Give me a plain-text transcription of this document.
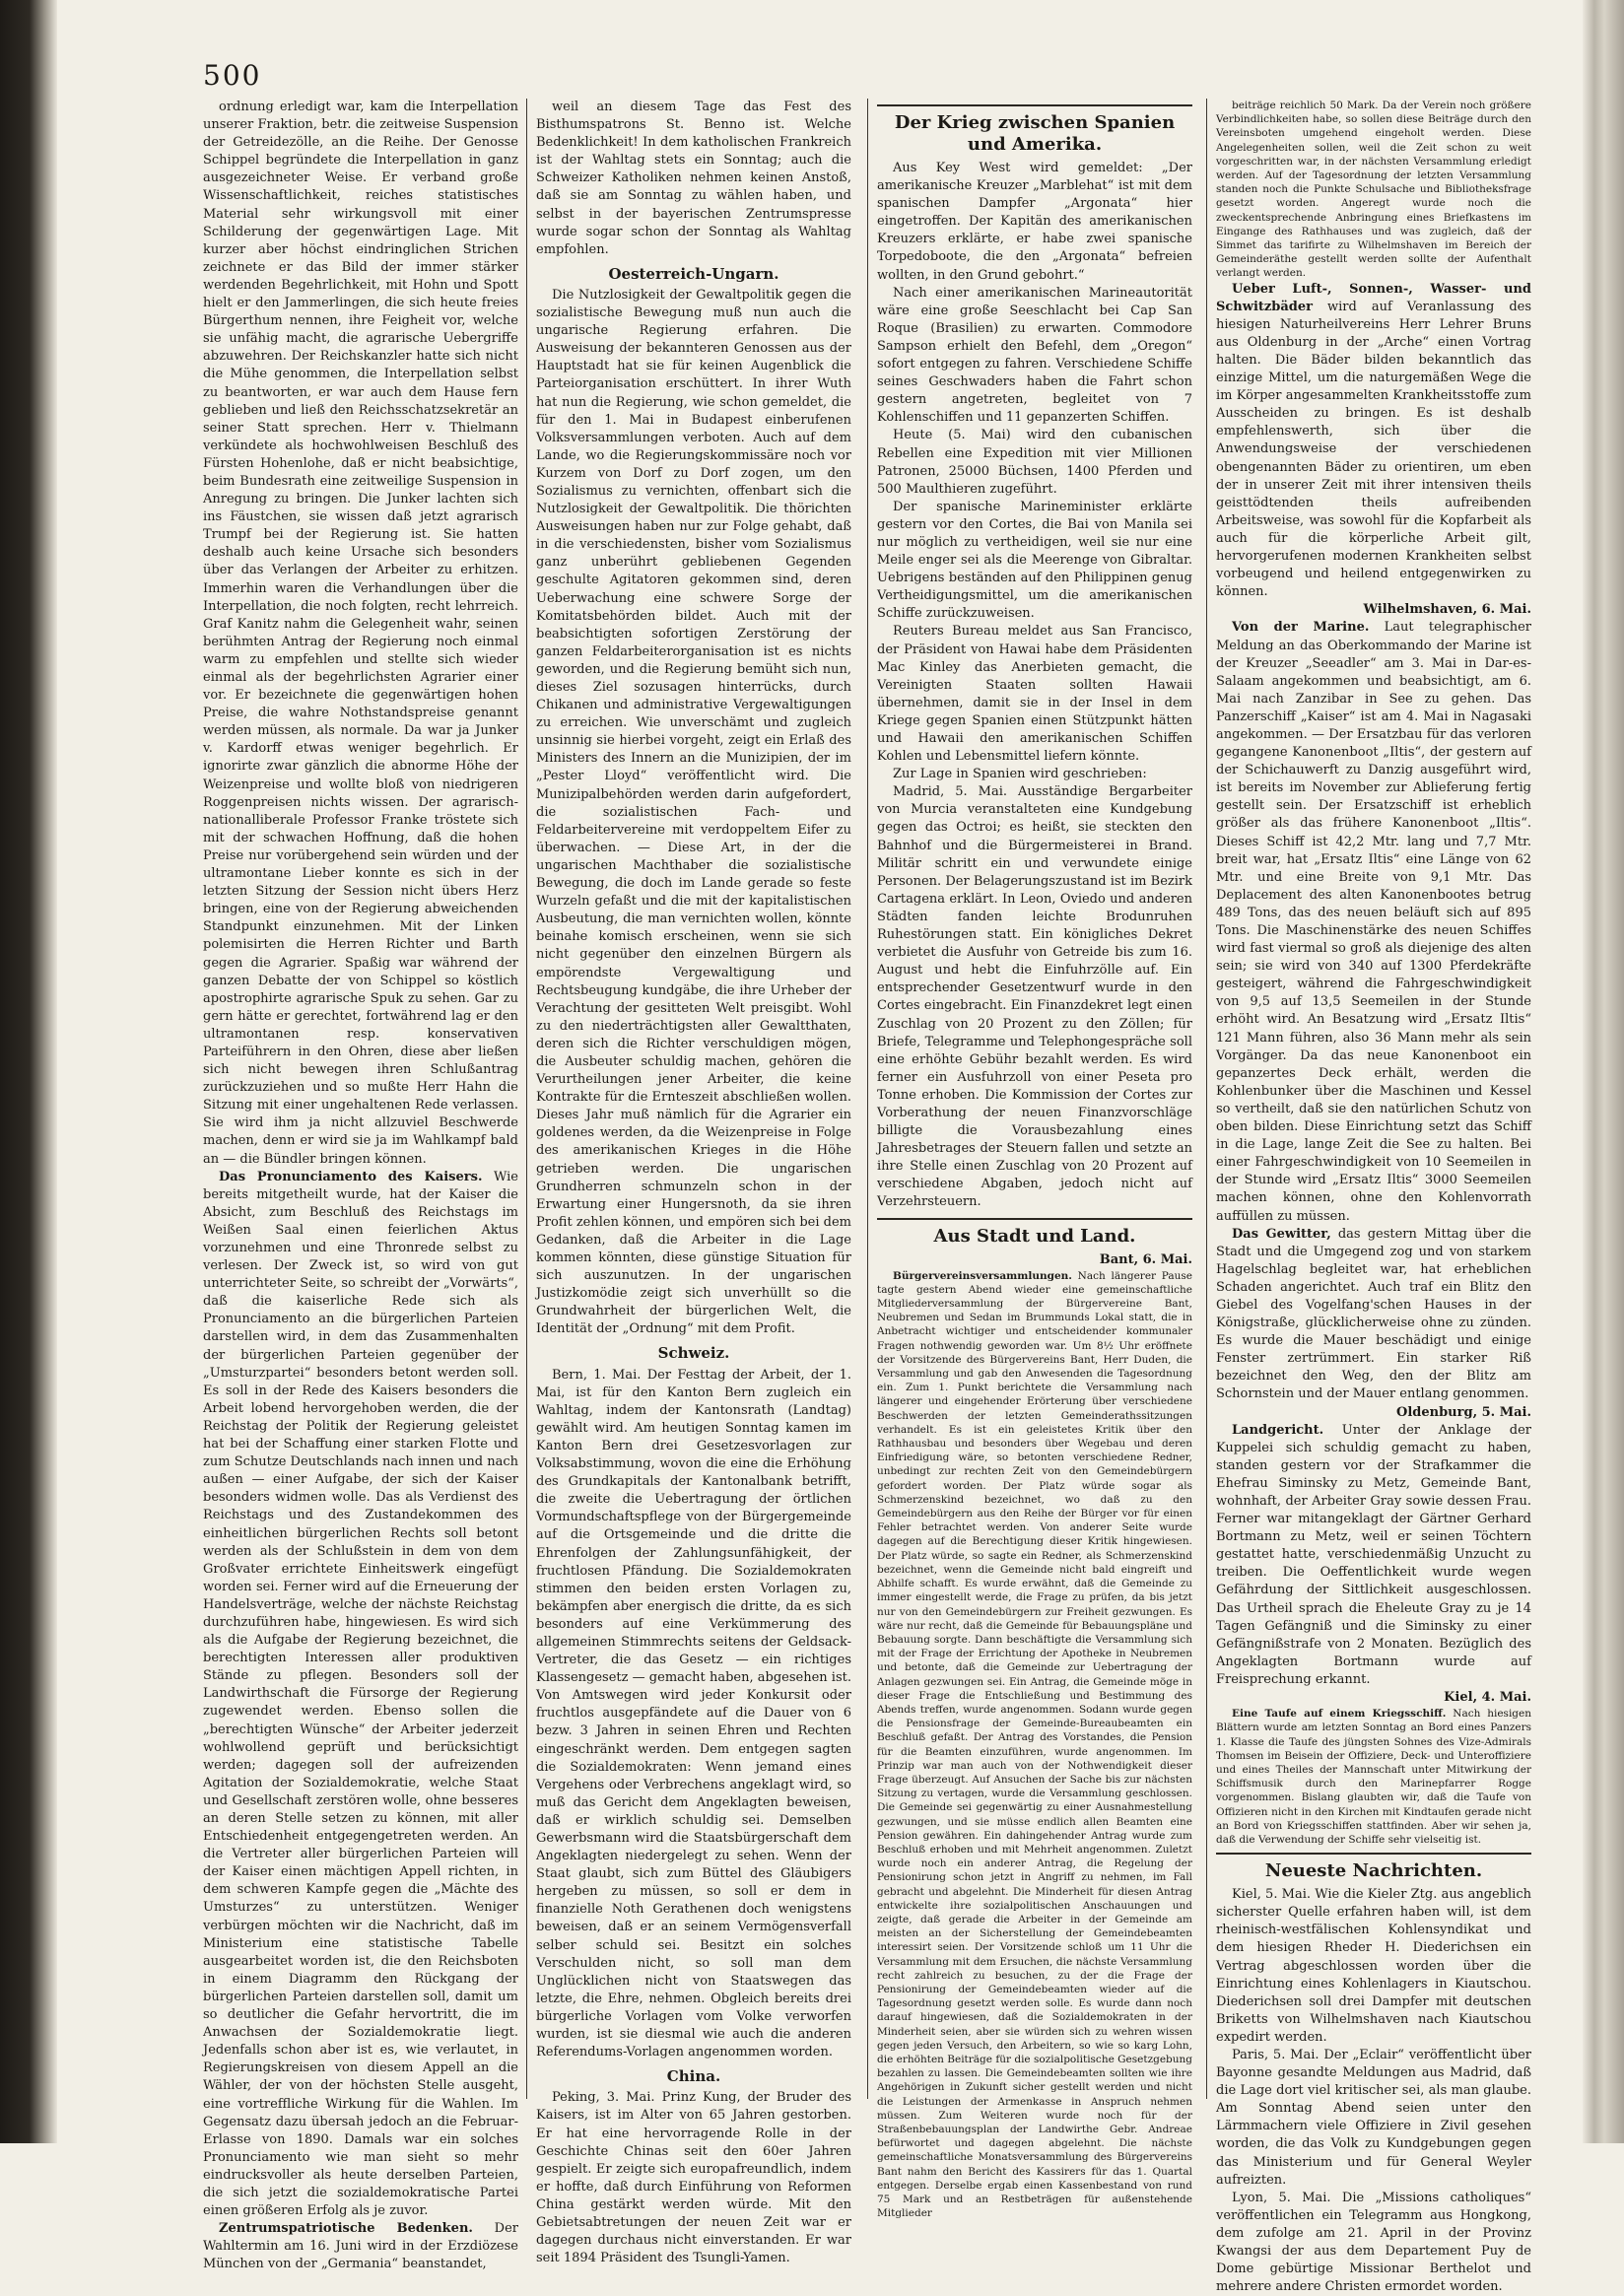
500

ordnung erledigt war, kam die Interpellation unserer Fraktion, betr. die zeitweise Suspension der Getreidezölle, an die Reihe. Der Genosse Schippel begründete die Interpellation in ganz ausgezeichneter Weise. Er verband große Wissenschaftlichkeit, reiches statistisches Material sehr wirkungsvoll mit einer Schilderung der gegenwärtigen Lage. Mit kurzer aber höchst eindringlichen Strichen zeichnete er das Bild der immer stärker werdenden Begehrlichkeit, mit Hohn und Spott hielt er den Jammerlingen, die sich heute freies Bürgerthum nennen, ihre Feigheit vor, welche sie unfähig macht, die agrarische Uebergriffe abzuwehren. Der Reichskanzler hatte sich nicht die Mühe genommen, die Interpellation selbst zu beantworten, er war auch dem Hause fern geblieben und ließ den Reichsschatzsekretär an seiner Statt sprechen. Herr v. Thielmann verkündete als hochwohlweisen Beschluß des Fürsten Hohenlohe, daß er nicht beabsichtige, beim Bundesrath eine zeitweilige Suspension in Anregung zu bringen. Die Junker lachten sich ins Fäustchen, sie wissen daß jetzt agrarisch Trumpf bei der Regierung ist. Sie hatten deshalb auch keine Ursache sich besonders über das Verlangen der Arbeiter zu erhitzen. Immerhin waren die Verhandlungen über die Interpellation, die noch folgten, recht lehrreich. Graf Kanitz nahm die Gelegenheit wahr, seinen berühmten Antrag der Regierung noch einmal warm zu empfehlen und stellte sich wieder einmal als der begehrlichsten Agrarier einer vor. Er bezeichnete die gegenwärtigen hohen Preise, die wahre Nothstandspreise genannt werden müssen, als normale. Da war ja Junker v. Kardorff etwas weniger begehrlich. Er ignorirte zwar gänzlich die abnorme Höhe der Weizenpreise und wollte bloß von niedrigeren Roggenpreisen nichts wissen. Der agrarisch-nationalliberale Professor Franke tröstete sich mit der schwachen Hoffnung, daß die hohen Preise nur vorübergehend sein würden und der ultramontane Lieber konnte es sich in der letzten Sitzung der Session nicht übers Herz bringen, eine von der Regierung abweichenden Standpunkt einzunehmen. Mit der Linken polemisirten die Herren Richter und Barth gegen die Agrarier. Spaßig war während der ganzen Debatte der von Schippel so köstlich apostrophirte agrarische Spuk zu sehen. Gar zu gern hätte er gerechtet, fortwährend lag er den ultramontanen resp. konservativen Parteiführern in den Ohren, diese aber ließen sich nicht bewegen ihren Schlußantrag zurückzuziehen und so mußte Herr Hahn die Sitzung mit einer ungehaltenen Rede verlassen. Sie wird ihm ja nicht allzuviel Beschwerde machen, denn er wird sie ja im Wahlkampf bald an — die Bündler bringen können.

Das Pronunciamento des Kaisers. Wie bereits mitgetheilt wurde, hat der Kaiser die Absicht, zum Beschluß des Reichstags im Weißen Saal einen feierlichen Aktus vorzunehmen und eine Thronrede selbst zu verlesen. Der Zweck ist, so wird von gut unterrichteter Seite, so schreibt der „Vorwärts“, daß die kaiserliche Rede sich als Pronunciamento an die bürgerlichen Parteien darstellen wird, in dem das Zusammenhalten der bürgerlichen Parteien gegenüber der „Umsturzpartei“ besonders betont werden soll. Es soll in der Rede des Kaisers besonders die Arbeit lobend hervorgehoben werden, die der Reichstag der Politik der Regierung geleistet hat bei der Schaffung einer starken Flotte und zum Schutze Deutschlands nach innen und nach außen — einer Aufgabe, der sich der Kaiser besonders widmen wolle. Das als Verdienst des Reichstags und des Zustandekommen des einheitlichen bürgerlichen Rechts soll betont werden als der Schlußstein in dem von dem Großvater errichtete Einheitswerk eingefügt worden sei. Ferner wird auf die Erneuerung der Handelsverträge, welche der nächste Reichstag durchzuführen habe, hingewiesen. Es wird sich als die Aufgabe der Regierung bezeichnet, die berechtigten Interessen aller produktiven Stände zu pflegen. Besonders soll der Landwirthschaft die Fürsorge der Regierung zugewendet werden. Ebenso sollen die „berechtigten Wünsche“ der Arbeiter jederzeit wohlwollend geprüft und berücksichtigt werden; dagegen soll der aufreizenden Agitation der Sozialdemokratie, welche Staat und Gesellschaft zerstören wolle, ohne besseres an deren Stelle setzen zu können, mit aller Entschiedenheit entgegengetreten werden. An die Vertreter aller bürgerlichen Parteien will der Kaiser einen mächtigen Appell richten, in dem schweren Kampfe gegen die „Mächte des Umsturzes“ zu unterstützen. Weniger verbürgen möchten wir die Nachricht, daß im Ministerium eine statistische Tabelle ausgearbeitet worden ist, die den Reichsboten in einem Diagramm den Rückgang der bürgerlichen Parteien darstellen soll, damit um so deutlicher die Gefahr hervortritt, die im Anwachsen der Sozialdemokratie liegt. Jedenfalls schon aber ist es, wie verlautet, in Regierungskreisen von diesem Appell an die Wähler, der von der höchsten Stelle ausgeht, eine vortreffliche Wirkung für die Wahlen. Im Gegensatz dazu übersah jedoch an die Februar-Erlasse von 1890. Damals war ein solches Pronunciamento wie man sieht so mehr eindrucksvoller als heute derselben Parteien, die sich jetzt die sozialdemokratische Partei einen größeren Erfolg als je zuvor.

Zentrumspatriotische Bedenken. Der Wahltermin am 16. Juni wird in der Erzdiözese München von der „Germania“ beanstandet,

weil an diesem Tage das Fest des Bisthumspatrons St. Benno ist. Welche Bedenklichkeit! In dem katholischen Frankreich ist der Wahltag stets ein Sonntag; auch die Schweizer Katholiken nehmen keinen Anstoß, daß sie am Sonntag zu wählen haben, und selbst in der bayerischen Zentrumspresse wurde sogar schon der Sonntag als Wahltag empfohlen.

Oesterreich-Ungarn.

Die Nutzlosigkeit der Gewaltpolitik gegen die sozialistische Bewegung muß nun auch die ungarische Regierung erfahren. Die Ausweisung der bekannteren Genossen aus der Hauptstadt hat sie für keinen Augenblick die Parteiorganisation erschüttert. In ihrer Wuth hat nun die Regierung, wie schon gemeldet, die für den 1. Mai in Budapest einberufenen Volksversammlungen verboten. Auch auf dem Lande, wo die Regierungskommissäre noch vor Kurzem von Dorf zu Dorf zogen, um den Sozialismus zu vernichten, offenbart sich die Nutzlosigkeit der Gewaltpolitik. Die thörichten Ausweisungen haben nur zur Folge gehabt, daß in die verschiedensten, bisher vom Sozialismus ganz unberührt gebliebenen Gegenden geschulte Agitatoren gekommen sind, deren Ueberwachung eine schwere Sorge der Komitatsbehörden bildet. Auch mit der beabsichtigten sofortigen Zerstörung der ganzen Feldarbeiterorganisation ist es nichts geworden, und die Regierung bemüht sich nun, dieses Ziel sozusagen hinterrücks, durch Chikanen und administrative Vergewaltigungen zu erreichen. Wie unverschämt und zugleich unsinnig sie hierbei vorgeht, zeigt ein Erlaß des Ministers des Innern an die Munizipien, der im „Pester Lloyd“ veröffentlicht wird. Die Munizipalbehörden werden darin aufgefordert, die sozialistischen Fach- und Feldarbeitervereine mit verdoppeltem Eifer zu überwachen. — Diese Art, in der die ungarischen Machthaber die sozialistische Bewegung, die doch im Lande gerade so feste Wurzeln gefaßt und die mit der kapitalistischen Ausbeutung, die man vernichten wollen, könnte beinahe komisch erscheinen, wenn sie sich nicht gegenüber den einzelnen Bürgern als empörendste Vergewaltigung und Rechtsbeugung kundgäbe, die ihre Urheber der Verachtung der gesitteten Welt preisgibt. Wohl zu den niederträchtigsten aller Gewaltthaten, deren sich die Richter verschuldigen mögen, die Ausbeuter schuldig machen, gehören die Verurtheilungen jener Arbeiter, die keine Kontrakte für die Ernteszeit abschließen wollen. Dieses Jahr muß nämlich für die Agrarier ein goldenes werden, da die Weizenpreise in Folge des amerikanischen Krieges in die Höhe getrieben werden. Die ungarischen Grundherren schmunzeln schon in der Erwartung einer Hungersnoth, da sie ihren Profit zehlen können, und empören sich bei dem Gedanken, daß die Arbeiter in die Lage kommen könnten, diese günstige Situation für sich auszunutzen. In der ungarischen Justizkomödie zeigt sich unverhüllt so die Grundwahrheit der bürgerlichen Welt, die Identität der „Ordnung“ mit dem Profit.

Schweiz.

Bern, 1. Mai. Der Festtag der Arbeit, der 1. Mai, ist für den Kanton Bern zugleich ein Wahltag, indem der Kantonsrath (Landtag) gewählt wird. Am heutigen Sonntag kamen im Kanton Bern drei Gesetzesvorlagen zur Volksabstimmung, wovon die eine die Erhöhung des Grundkapitals der Kantonalbank betrifft, die zweite die Uebertragung der örtlichen Vormundschaftspflege von der Bürgergemeinde auf die Ortsgemeinde und die dritte die Ehrenfolgen der Zahlungsunfähigkeit, der fruchtlosen Pfändung. Die Sozialdemokraten stimmen den beiden ersten Vorlagen zu, bekämpfen aber energisch die dritte, da es sich besonders auf eine Verkümmerung des allgemeinen Stimmrechts seitens der Geldsack-Vertreter, die das Gesetz — ein richtiges Klassengesetz — gemacht haben, abgesehen ist. Von Amtswegen wird jeder Konkursit oder fruchtlos ausgepfändete auf die Dauer von 6 bezw. 3 Jahren in seinen Ehren und Rechten eingeschränkt werden. Dem entgegen sagten die Sozialdemokraten: Wenn jemand eines Vergehens oder Verbrechens angeklagt wird, so muß das Gericht dem Angeklagten beweisen, daß er wirklich schuldig sei. Demselben Gewerbsmann wird die Staatsbürgerschaft dem Angeklagten niedergelegt zu sehen. Wenn der Staat glaubt, sich zum Büttel des Gläubigers hergeben zu müssen, so soll er dem in finanzielle Noth Gerathenen doch wenigstens beweisen, daß er an seinem Vermögensverfall selber schuld sei. Besitzt ein solches Verschulden nicht, so soll man dem Unglücklichen nicht von Staatswegen das letzte, die Ehre, nehmen. Obgleich bereits drei bürgerliche Vorlagen vom Volke verworfen wurden, ist sie diesmal wie auch die anderen Referendums-Vorlagen angenommen worden.

China.

Peking, 3. Mai. Prinz Kung, der Bruder des Kaisers, ist im Alter von 65 Jahren gestorben. Er hat eine hervorragende Rolle in der Geschichte Chinas seit den 60er Jahren gespielt. Er zeigte sich europafreundlich, indem er hoffte, daß durch Einführung von Reformen China gestärkt werden würde. Mit den Gebietsabtretungen der neuen Zeit war er dagegen durchaus nicht einverstanden. Er war seit 1894 Präsident des Tsungli-Yamen.

Der Krieg zwischen Spanien und Amerika.

Aus Key West wird gemeldet: „Der amerikanische Kreuzer „Marblehat“ ist mit dem spanischen Dampfer „Argonata“ hier eingetroffen. Der Kapitän des amerikanischen Kreuzers erklärte, er habe zwei spanische Torpedoboote, die den „Argonata“ befreien wollten, in den Grund gebohrt.“

Nach einer amerikanischen Marineautorität wäre eine große Seeschlacht bei Cap San Roque (Brasilien) zu erwarten. Commodore Sampson erhielt den Befehl, dem „Oregon“ sofort entgegen zu fahren. Verschiedene Schiffe seines Geschwaders haben die Fahrt schon gestern angetreten, begleitet von 7 Kohlenschiffen und 11 gepanzerten Schiffen.

Heute (5. Mai) wird den cubanischen Rebellen eine Expedition mit vier Millionen Patronen, 25000 Büchsen, 1400 Pferden und 500 Maulthieren zugeführt.

Der spanische Marineminister erklärte gestern vor den Cortes, die Bai von Manila sei nur möglich zu vertheidigen, weil sie nur eine Meile enger sei als die Meerenge von Gibraltar. Uebrigens beständen auf den Philippinen genug Vertheidigungsmittel, um die amerikanischen Schiffe zurückzuweisen.

Reuters Bureau meldet aus San Francisco, der Präsident von Hawai habe dem Präsidenten Mac Kinley das Anerbieten gemacht, die Vereinigten Staaten sollten Hawaii übernehmen, damit sie in der Insel in dem Kriege gegen Spanien einen Stützpunkt hätten und Hawaii den amerikanischen Schiffen Kohlen und Lebensmittel liefern könnte.

Zur Lage in Spanien wird geschrieben:

Madrid, 5. Mai. Ausständige Bergarbeiter von Murcia veranstalteten eine Kundgebung gegen das Octroi; es heißt, sie steckten den Bahnhof und die Bürgermeisterei in Brand. Militär schritt ein und verwundete einige Personen. Der Belagerungszustand ist im Bezirk Cartagena erklärt. In Leon, Oviedo und anderen Städten fanden leichte Brodunruhen Ruhestörungen statt. Ein königliches Dekret verbietet die Ausfuhr von Getreide bis zum 16. August und hebt die Einfuhrzölle auf. Ein entsprechender Gesetzentwurf wurde in den Cortes eingebracht. Ein Finanzdekret legt einen Zuschlag von 20 Prozent zu den Zöllen; für Briefe, Telegramme und Telephongespräche soll eine erhöhte Gebühr bezahlt werden. Es wird ferner ein Ausfuhrzoll von einer Peseta pro Tonne erhoben. Die Kommission der Cortes zur Vorberathung der neuen Finanzvorschläge billigte die Vorausbezahlung eines Jahresbetrages der Steuern fallen und setzte an ihre Stelle einen Zuschlag von 20 Prozent auf verschiedene Abgaben, jedoch nicht auf Verzehrsteuern.

Aus Stadt und Land.
Bant, 6. Mai.

Bürgervereinsversammlungen. Nach längerer Pause tagte gestern Abend wieder eine gemeinschaftliche Mitgliederversammlung der Bürgervereine Bant, Neubremen und Sedan im Brummunds Lokal statt, die in Anbetracht wichtiger und entscheidender kommunaler Fragen nothwendig geworden war. Um 8½ Uhr eröffnete der Vorsitzende des Bürgervereins Bant, Herr Duden, die Versammlung und gab den Anwesenden die Tagesordnung ein. Zum 1. Punkt berichtete die Versammlung nach längerer und eingehender Erörterung über verschiedene Beschwerden der letzten Gemeinderathssitzungen verhandelt. Es ist ein geleistetes Kritik über den Rathhausbau und besonders über Wegebau und deren Einfriedigung wäre, so betonten verschiedene Redner, unbedingt zur rechten Zeit von den Gemeindebürgern gefordert worden. Der Platz würde sogar als Schmerzenskind bezeichnet, wo daß zu den Gemeindebürgern aus den Reihe der Bürger vor für einen Fehler betrachtet werden. Von anderer Seite wurde dagegen auf die Berechtigung dieser Kritik hingewiesen. Der Platz würde, so sagte ein Redner, als Schmerzenskind bezeichnet, wenn die Gemeinde nicht bald eingreift und Abhilfe schafft. Es wurde erwähnt, daß die Gemeinde zu immer eingestellt werde, die Frage zu prüfen, da bis jetzt nur von den Gemeindebürgern zur Freiheit gezwungen. Es wäre nur recht, daß die Gemeinde für Bebauungspläne und Bebauung sorgte. Dann beschäftigte die Versammlung sich mit der Frage der Errichtung der Apotheke in Neubremen und betonte, daß die Gemeinde zur Uebertragung der Anlagen gezwungen sei. Ein Antrag, die Gemeinde möge in dieser Frage die Entschließung und Bestimmung des Abends treffen, wurde angenommen. Sodann wurde gegen die Pensionsfrage der Gemeinde-Bureaubeamten ein Beschluß gefaßt. Der Antrag des Vorstandes, die Pension für die Beamten einzuführen, wurde angenommen. Im Prinzip war man auch von der Nothwendigkeit dieser Frage überzeugt. Auf Ansuchen der Sache bis zur nächsten Sitzung zu vertagen, wurde die Versammlung geschlossen. Die Gemeinde sei gegenwärtig zu einer Ausnahmestellung gezwungen, und sie müsse endlich allen Beamten eine Pension gewähren. Ein dahingehender Antrag wurde zum Beschluß erhoben und mit Mehrheit angenommen. Zuletzt wurde noch ein anderer Antrag, die Regelung der Pensionirung schon jetzt in Angriff zu nehmen, im Fall gebracht und abgelehnt. Die Minderheit für diesen Antrag entwickelte ihre sozialpolitischen Anschauungen und zeigte, daß gerade die Arbeiter in der Gemeinde am meisten an der Sicherstellung der Gemeindebeamten interessirt seien. Der Vorsitzende schloß um 11 Uhr die Versammlung mit dem Ersuchen, die nächste Versammlung recht zahlreich zu besuchen, zu der die Frage der Pensionirung der Gemeindebeamten wieder auf die Tagesordnung gesetzt werden solle. Es wurde dann noch darauf hingewiesen, daß die Sozialdemokraten in der Minderheit seien, aber sie würden sich zu wehren wissen gegen jeden Versuch, den Arbeitern, so wie so karg Lohn, die erhöhten Beiträge für die sozialpolitische Gesetzgebung bezahlen zu lassen. Die Gemeindebeamten sollten wie ihre Angehörigen in Zukunft sicher gestellt werden und nicht die Leistungen der Armenkasse in Anspruch nehmen müssen. Zum Weiteren wurde noch für der Straßenbebauungsplan der Landwirthe Gebr. Andreae befürwortet und dagegen abgelehnt. Die nächste gemeinschaftliche Monatsversammlung des Bürgervereins Bant nahm den Bericht des Kassirers für das 1. Quartal entgegen. Derselbe ergab einen Kassenbestand von rund 75 Mark und an Restbeträgen für außenstehende Mitglieder

beiträge reichlich 50 Mark. Da der Verein noch größere Verbindlichkeiten habe, so sollen diese Beiträge durch den Vereinsboten umgehend eingeholt werden. Diese Angelegenheiten sollen, weil die Zeit schon zu weit vorgeschritten war, in der nächsten Versammlung erledigt werden. Auf der Tagesordnung der letzten Versammlung standen noch die Punkte Schulsache und Bibliotheksfrage gesetzt worden. Angeregt wurde noch die zweckentsprechende Anbringung eines Briefkastens im Eingange des Rathhauses und was zugleich, daß der Simmet das tarifirte zu Wilhelmshaven im Bereich der Gemeinderäthe gestellt werden sollte der Aufenthalt verlangt werden.

Ueber Luft-, Sonnen-, Wasser- und Schwitzbäder wird auf Veranlassung des hiesigen Naturheilvereins Herr Lehrer Bruns aus Oldenburg in der „Arche“ einen Vortrag halten. Die Bäder bilden bekanntlich das einzige Mittel, um die naturgemäßen Wege die im Körper angesammelten Krankheitsstoffe zum Ausscheiden zu bringen. Es ist deshalb empfehlenswerth, sich über die Anwendungsweise der verschiedenen obengenannten Bäder zu orientiren, um eben der in unserer Zeit mit ihrer intensiven theils geisttödtenden theils aufreibenden Arbeitsweise, was sowohl für die Kopfarbeit als auch für die körperliche Arbeit gilt, hervorgerufenen modernen Krankheiten selbst vorbeugend und heilend entgegenwirken zu können.

Wilhelmshaven, 6. Mai.

Von der Marine. Laut telegraphischer Meldung an das Oberkommando der Marine ist der Kreuzer „Seeadler“ am 3. Mai in Dar-es-Salaam angekommen und beabsichtigt, am 6. Mai nach Zanzibar in See zu gehen. Das Panzerschiff „Kaiser“ ist am 4. Mai in Nagasaki angekommen. — Der Ersatzbau für das verloren gegangene Kanonenboot „Iltis“, der gestern auf der Schichauwerft zu Danzig ausgeführt wird, ist bereits im November zur Ablieferung fertig gestellt sein. Der Ersatzschiff ist erheblich größer als das frühere Kanonenboot „Iltis“. Dieses Schiff ist 42,2 Mtr. lang und 7,7 Mtr. breit war, hat „Ersatz Iltis“ eine Länge von 62 Mtr. und eine Breite von 9,1 Mtr. Das Deplacement des alten Kanonenbootes betrug 489 Tons, das des neuen beläuft sich auf 895 Tons. Die Maschinenstärke des neuen Schiffes wird fast viermal so groß als diejenige des alten sein; sie wird von 340 auf 1300 Pferdekräfte gesteigert, während die Fahrgeschwindigkeit von 9,5 auf 13,5 Seemeilen in der Stunde erhöht wird. An Besatzung wird „Ersatz Iltis“ 121 Mann führen, also 36 Mann mehr als sein Vorgänger. Da das neue Kanonenboot ein gepanzertes Deck erhält, werden die Kohlenbunker über die Maschinen und Kessel so vertheilt, daß sie den natürlichen Schutz von oben bilden. Diese Einrichtung setzt das Schiff in die Lage, lange Zeit die See zu halten. Bei einer Fahrgeschwindigkeit von 10 Seemeilen in der Stunde wird „Ersatz Iltis“ 3000 Seemeilen machen können, ohne den Kohlenvorrath auffüllen zu müssen.

Das Gewitter, das gestern Mittag über die Stadt und die Umgegend zog und von starkem Hagelschlag begleitet war, hat erheblichen Schaden angerichtet. Auch traf ein Blitz den Giebel des Vogelfang'schen Hauses in der Königstraße, glücklicherweise ohne zu zünden. Es wurde die Mauer beschädigt und einige Fenster zertrümmert. Ein starker Riß bezeichnet den Weg, den der Blitz am Schornstein und der Mauer entlang genommen.

Oldenburg, 5. Mai.

Landgericht. Unter der Anklage der Kuppelei sich schuldig gemacht zu haben, standen gestern vor der Strafkammer die Ehefrau Siminsky zu Metz, Gemeinde Bant, wohnhaft, der Arbeiter Gray sowie dessen Frau. Ferner war mitangeklagt der Gärtner Gerhard Bortmann zu Metz, weil er seinen Töchtern gestattet hatte, verschiedenmäßig Unzucht zu treiben. Die Oeffentlichkeit wurde wegen Gefährdung der Sittlichkeit ausgeschlossen. Das Urtheil sprach die Eheleute Gray zu je 14 Tagen Gefängniß und die Siminsky zu einer Gefängnißstrafe von 2 Monaten. Bezüglich des Angeklagten Bortmann wurde auf Freisprechung erkannt.

Kiel, 4. Mai.

Eine Taufe auf einem Kriegsschiff. Nach hiesigen Blättern wurde am letzten Sonntag an Bord eines Panzers 1. Klasse die Taufe des jüngsten Sohnes des Vize-Admirals Thomsen im Beisein der Offiziere, Deck- und Unteroffiziere und eines Theiles der Mannschaft unter Mitwirkung der Schiffsmusik durch den Marinepfarrer Rogge vorgenommen. Bislang glaubten wir, daß die Taufe von Offizieren nicht in den Kirchen mit Kindtaufen gerade nicht an Bord von Kriegsschiffen stattfinden. Aber wir sehen ja, daß die Verwendung der Schiffe sehr vielseitig ist.

Neueste Nachrichten.

Kiel, 5. Mai. Wie die Kieler Ztg. aus angeblich sicherster Quelle erfahren haben will, ist dem rheinisch-westfälischen Kohlensyndikat und dem hiesigen Rheder H. Diederichsen ein Vertrag abgeschlossen worden über die Einrichtung eines Kohlenlagers in Kiautschou. Diederichsen soll drei Dampfer mit deutschen Briketts von Wilhelmshaven nach Kiautschou expedirt werden.

Paris, 5. Mai. Der „Eclair“ veröffentlicht über Bayonne gesandte Meldungen aus Madrid, daß die Lage dort viel kritischer sei, als man glaube. Am Sonntag Abend seien unter den Lärmmachern viele Offiziere in Zivil gesehen worden, die das Volk zu Kundgebungen gegen das Ministerium und für General Weyler aufreizten.

Lyon, 5. Mai. Die „Missions catholiques“ veröffentlichen ein Telegramm aus Hongkong, dem zufolge am 21. April in der Provinz Kwangsi der aus dem Departement Puy de Dome gebürtige Missionar Berthelot und mehrere andere Christen ermordet worden.
